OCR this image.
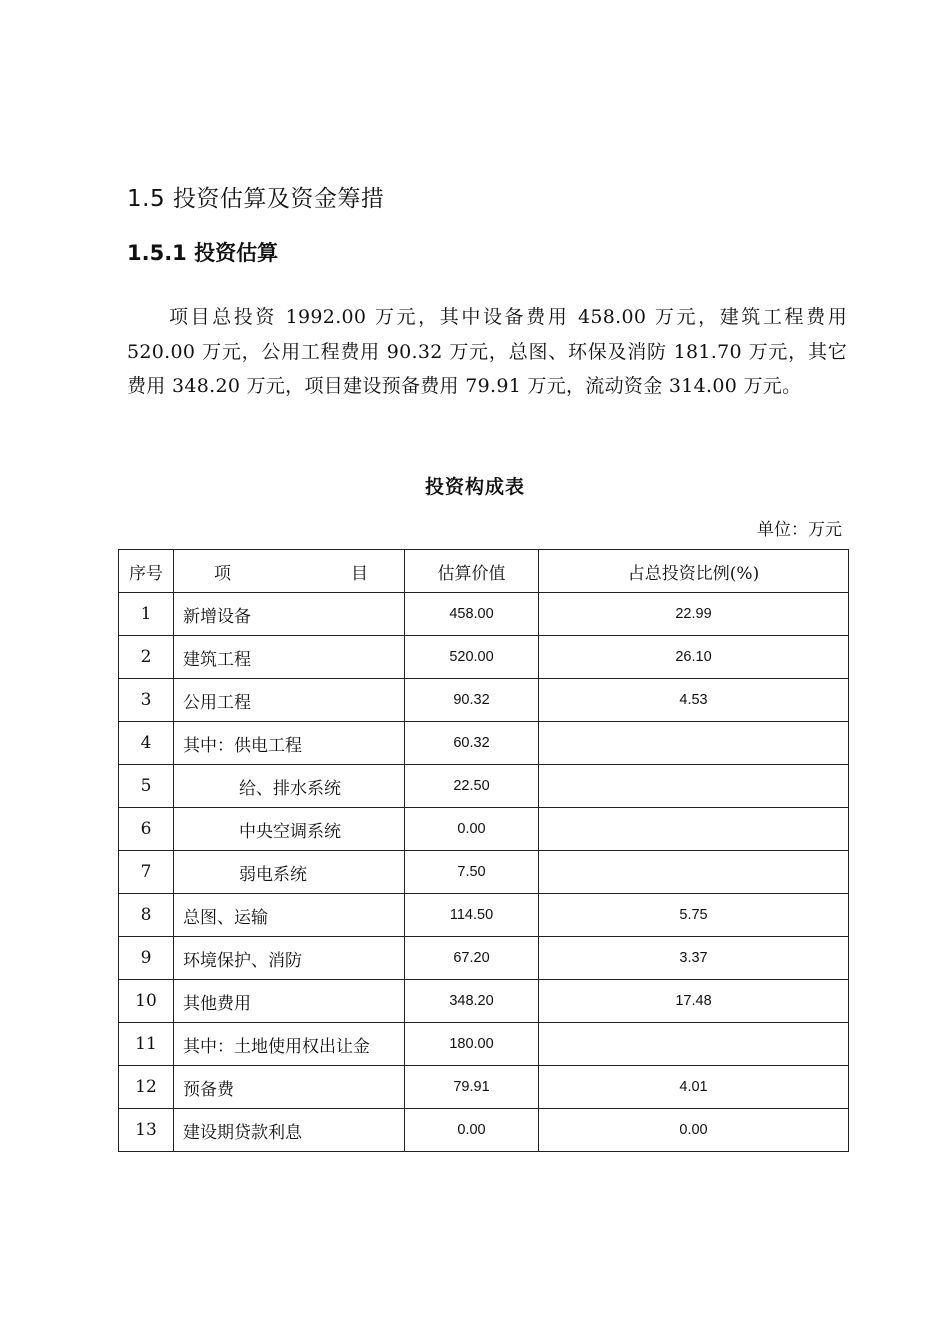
1.5 投资估算及资金筹措
1.5.1 投资估算
项目总投资 1992.00 万元，其中设备费用 458.00 万元，建筑工程费用 520.00 万元，公用工程费用 90.32 万元，总图、环保及消防 181.70 万元，其它费用 348.20 万元，项目建设预备费用 79.91 万元，流动资金 314.00 万元。
投资构成表
单位：万元
序号	项 目	估算价值	占总投资比例(%)
1	新增设备	458.00	22.99
2	建筑工程	520.00	26.10
3	公用工程	90.32	4.53
4	其中：供电工程	60.32	
5	给、排水系统	22.50	
6	中央空调系统	0.00	
7	弱电系统	7.50	
8	总图、运输	114.50	5.75
9	环境保护、消防	67.20	3.37
10	其他费用	348.20	17.48
11	其中：土地使用权出让金	180.00	
12	预备费	79.91	4.01
13	建设期贷款利息	0.00	0.00
